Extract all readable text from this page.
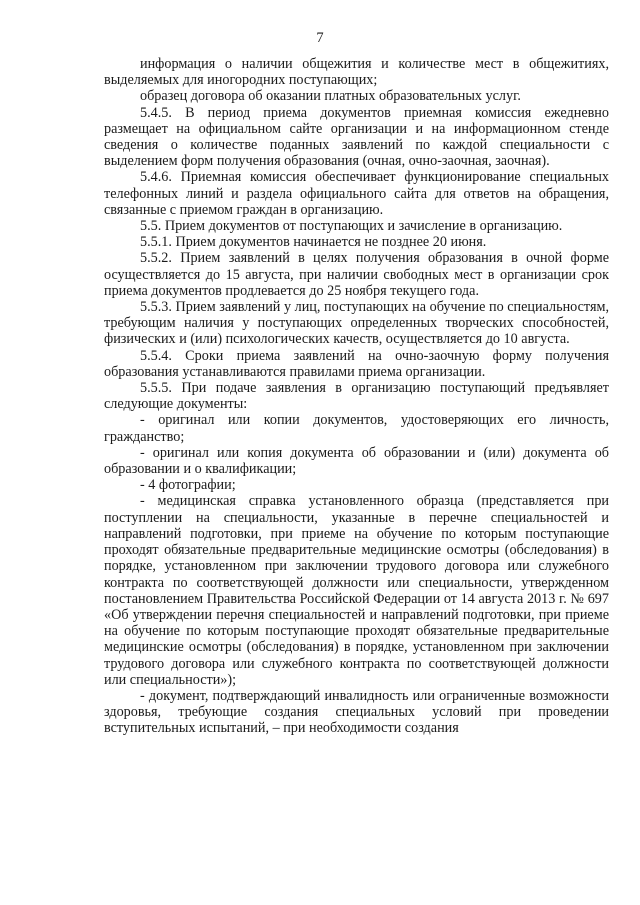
7

информация о наличии общежития и количестве мест в общежитиях, выделяемых для иногородних поступающих;

образец договора об оказании платных образовательных услуг.

5.4.5. В период приема документов приемная комиссия ежедневно размещает на официальном сайте организации и на информационном стенде сведения о количестве поданных заявлений по каждой специальности с выделением форм получения образования (очная, очно-заочная, заочная).

5.4.6. Приемная комиссия обеспечивает функционирование специальных телефонных линий и раздела официального сайта для ответов на обращения, связанные с приемом граждан в организацию.

5.5. Прием документов от поступающих и зачисление в организацию.

5.5.1. Прием документов начинается не позднее 20 июня.

5.5.2. Прием заявлений в целях получения образования в очной форме осуществляется до 15 августа, при наличии свободных мест в организации срок приема документов продлевается до 25 ноября текущего года.

5.5.3. Прием заявлений у лиц, поступающих на обучение по специальностям, требующим наличия у поступающих определенных творческих способностей, физических и (или) психологических качеств, осуществляется до 10 августа.

5.5.4. Сроки приема заявлений на очно-заочную форму получения образования устанавливаются правилами приема организации.

5.5.5. При подаче заявления в организацию поступающий предъявляет следующие документы:

- оригинал или копии документов, удостоверяющих его личность, гражданство;

- оригинал или копия документа об образовании и (или) документа об образовании и о квалификации;

- 4 фотографии;

- медицинская справка установленного образца (представляется при поступлении на специальности, указанные в перечне специальностей и направлений подготовки, при приеме на обучение по которым поступающие проходят обязательные предварительные медицинские осмотры (обследования) в порядке, установленном при заключении трудового договора или служебного контракта по соответствующей должности или специальности, утвержденном постановлением Правительства Российской Федерации от 14 августа 2013 г. № 697 «Об утверждении перечня специальностей и направлений подготовки, при приеме на обучение по которым поступающие проходят обязательные предварительные медицинские осмотры (обследования) в порядке, установленном при заключении трудового договора или служебного контракта по соответствующей должности или специальности»);

- документ, подтверждающий инвалидность или ограниченные возможности здоровья, требующие создания специальных условий при проведении вступительных испытаний, – при необходимости создания
